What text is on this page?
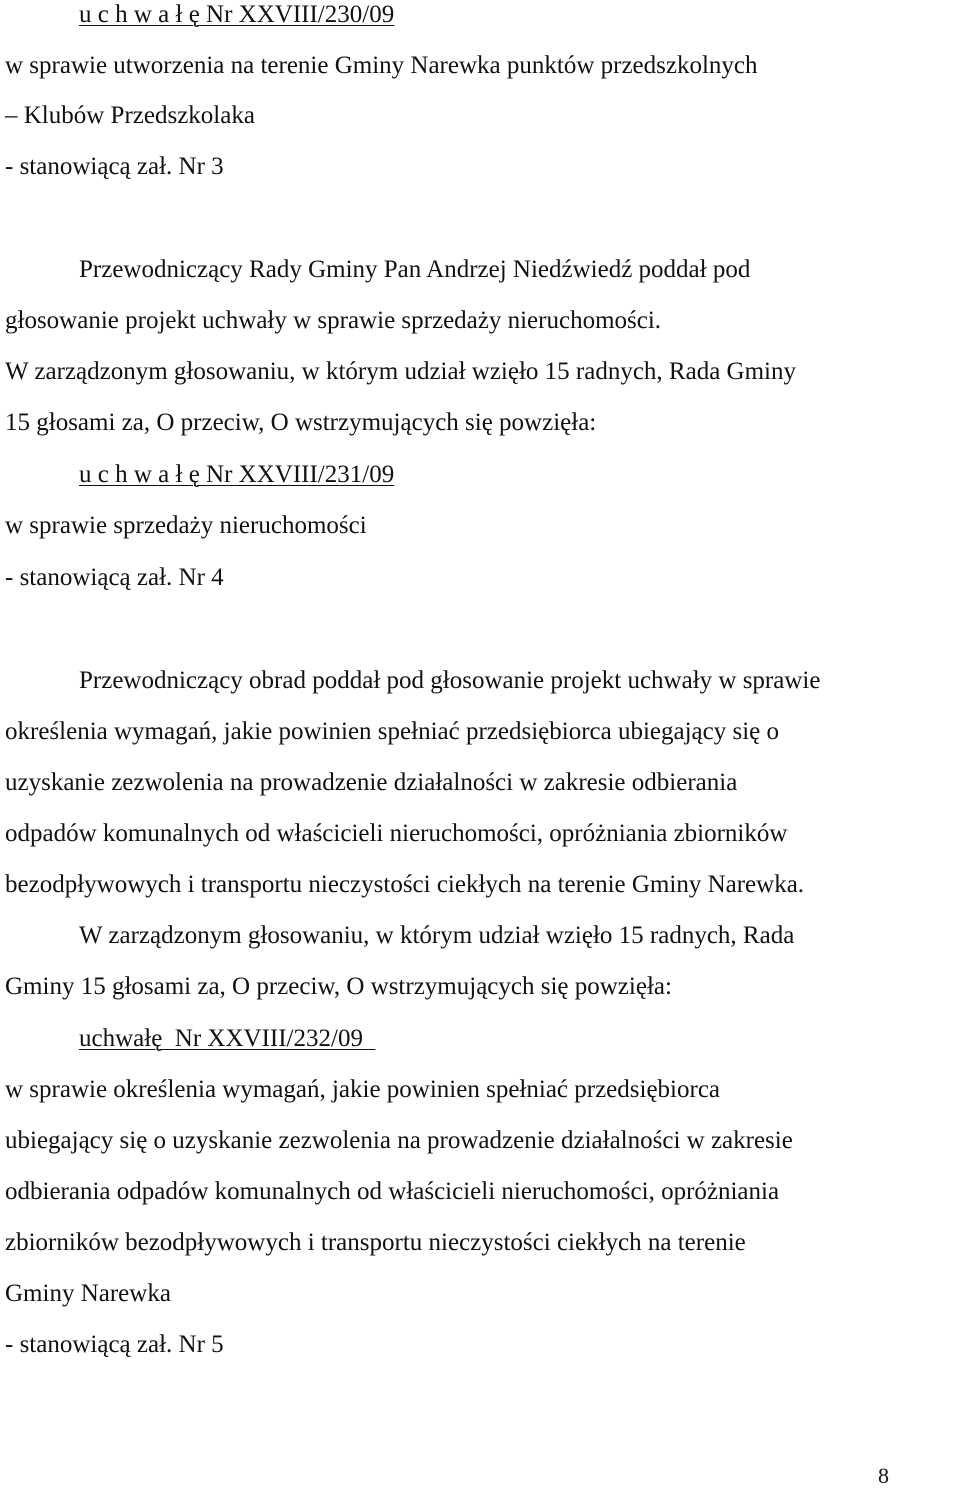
u c h w a ł ę Nr XXVIII/230/09
w sprawie utworzenia na terenie Gminy Narewka punktów przedszkolnych
– Klubów Przedszkolaka
- stanowiącą zał. Nr 3
Przewodniczący Rady Gminy Pan Andrzej Niedźwiedź poddał pod
głosowanie projekt uchwały w sprawie sprzedaży nieruchomości.
W zarządzonym głosowaniu, w którym udział wzięło 15 radnych, Rada Gminy
15 głosami za, O przeciw, O wstrzymujących się powzięła:
u c h w a ł ę Nr XXVIII/231/09
w sprawie sprzedaży nieruchomości
- stanowiącą zał. Nr 4
Przewodniczący obrad poddał pod głosowanie projekt uchwały w sprawie
określenia wymagań, jakie powinien spełniać przedsiębiorca ubiegający się o
uzyskanie zezwolenia na prowadzenie działalności w zakresie odbierania
odpadów komunalnych od właścicieli nieruchomości, opróżniania zbiorników
bezodpływowych i transportu nieczystości ciekłych na terenie Gminy Narewka.
W zarządzonym głosowaniu, w którym udział wzięło 15 radnych, Rada
Gminy 15 głosami za, O przeciw, O wstrzymujących się powzięła:
uchwałę  Nr XXVIII/232/09
w sprawie określenia wymagań, jakie powinien spełniać przedsiębiorca
ubiegający się o uzyskanie zezwolenia na prowadzenie działalności w zakresie
odbierania odpadów komunalnych od właścicieli nieruchomości, opróżniania
zbiorników bezodpływowych i transportu nieczystości ciekłych na terenie
Gminy Narewka
- stanowiącą zał. Nr 5
8
